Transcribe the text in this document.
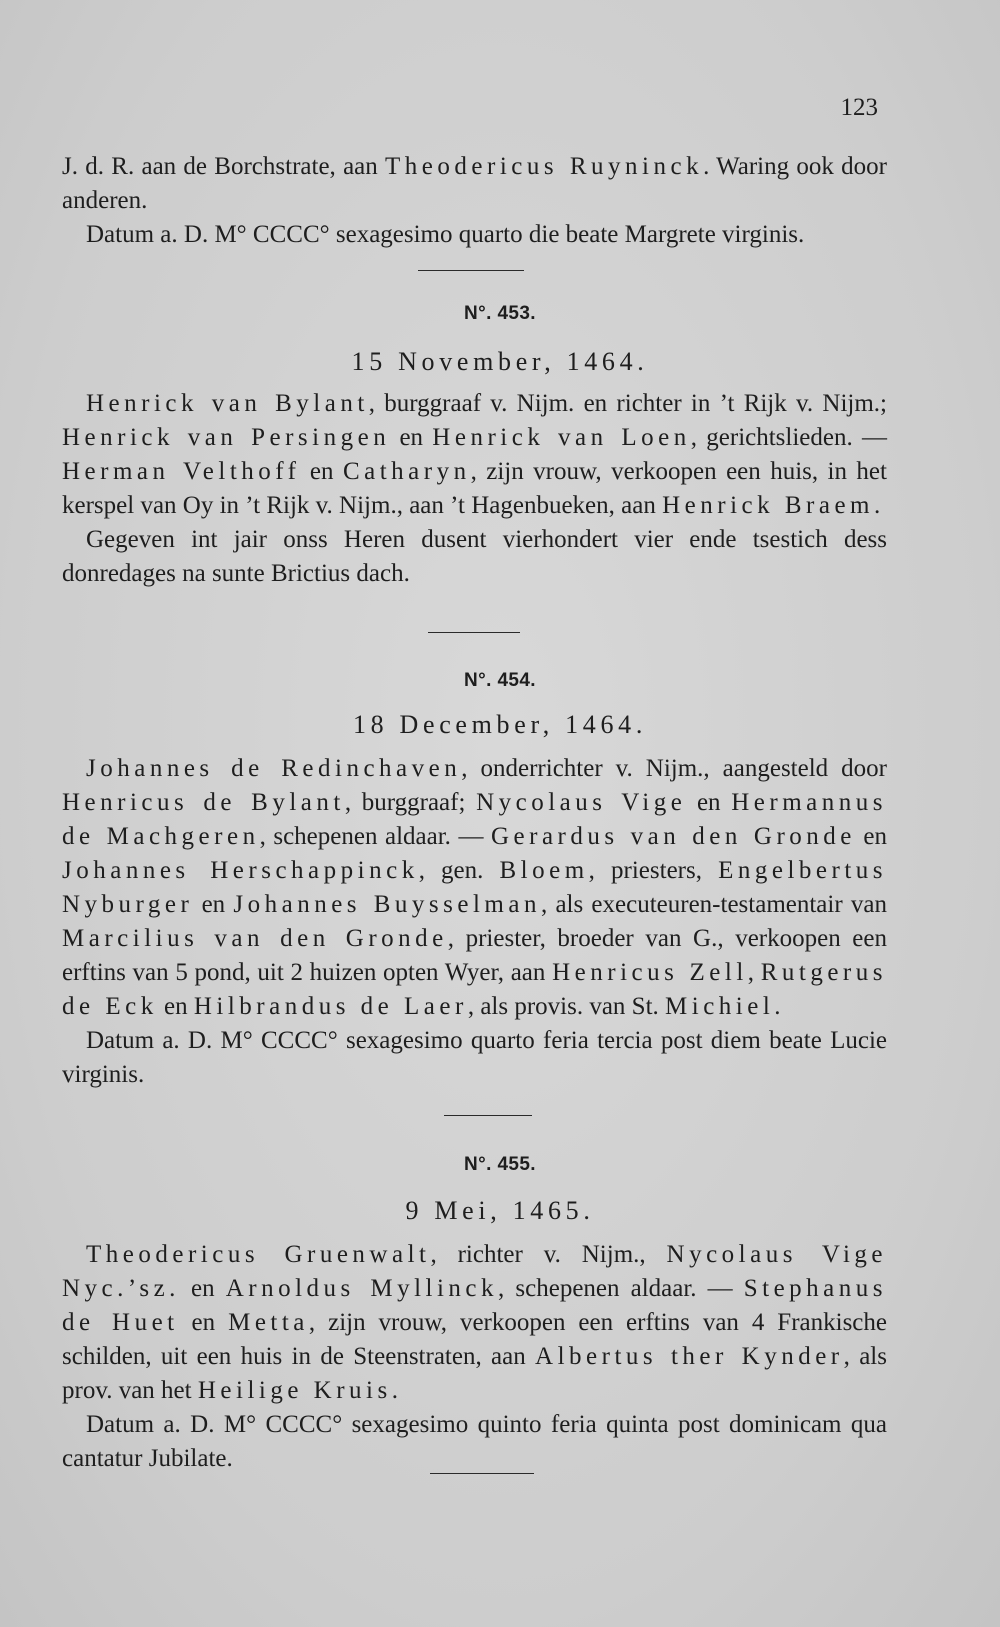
123

J. d. R. aan de Borchstrate, aan Theodericus Ruyninck. Waring ook door anderen.

Datum a. D. M° CCCC° sexagesimo quarto die beate Margrete virginis.

N°. 453.
15 November, 1464.

Henrick van Bylant, burggraaf v. Nijm. en richter in ’t Rijk v. Nijm.; Henrick van Persingen en Henrick van Loen, gerichtslieden. — Herman Velthoff en Catharyn, zijn vrouw, verkoopen een huis, in het kerspel van Oy in ’t Rijk v. Nijm., aan ’t Hagenbueken, aan Henrick Braem.

Gegeven int jair onss Heren dusent vierhondert vier ende tsestich dess donredages na sunte Brictius dach.

N°. 454.
18 December, 1464.

Johannes de Redinchaven, onderrichter v. Nijm., aangesteld door Henricus de Bylant, burggraaf; Nycolaus Vige en Hermannus de Machgeren, schepenen aldaar. — Gerardus van den Gronde en Johannes Herschappinck, gen. Bloem, priesters, Engelbertus Nyburger en Johannes Buysselman, als executeuren-testamentair van Marcilius van den Gronde, priester, broeder van G., verkoopen een erftins van 5 pond, uit 2 huizen opten Wyer, aan Henricus Zell, Rutgerus de Eck en Hilbrandus de Laer, als provis. van St. Michiel.

Datum a. D. M° CCCC° sexagesimo quarto feria tercia post diem beate Lucie virginis.

N°. 455.
9 Mei, 1465.

Theodericus Gruenwalt, richter v. Nijm., Nycolaus Vige Nyc.’sz. en Arnoldus Myllinck, schepenen aldaar. — Stephanus de Huet en Metta, zijn vrouw, verkoopen een erftins van 4 Frankische schilden, uit een huis in de Steenstraten, aan Albertus ther Kynder, als prov. van het Heilige Kruis.

Datum a. D. M° CCCC° sexagesimo quinto feria quinta post dominicam qua cantatur Jubilate.
